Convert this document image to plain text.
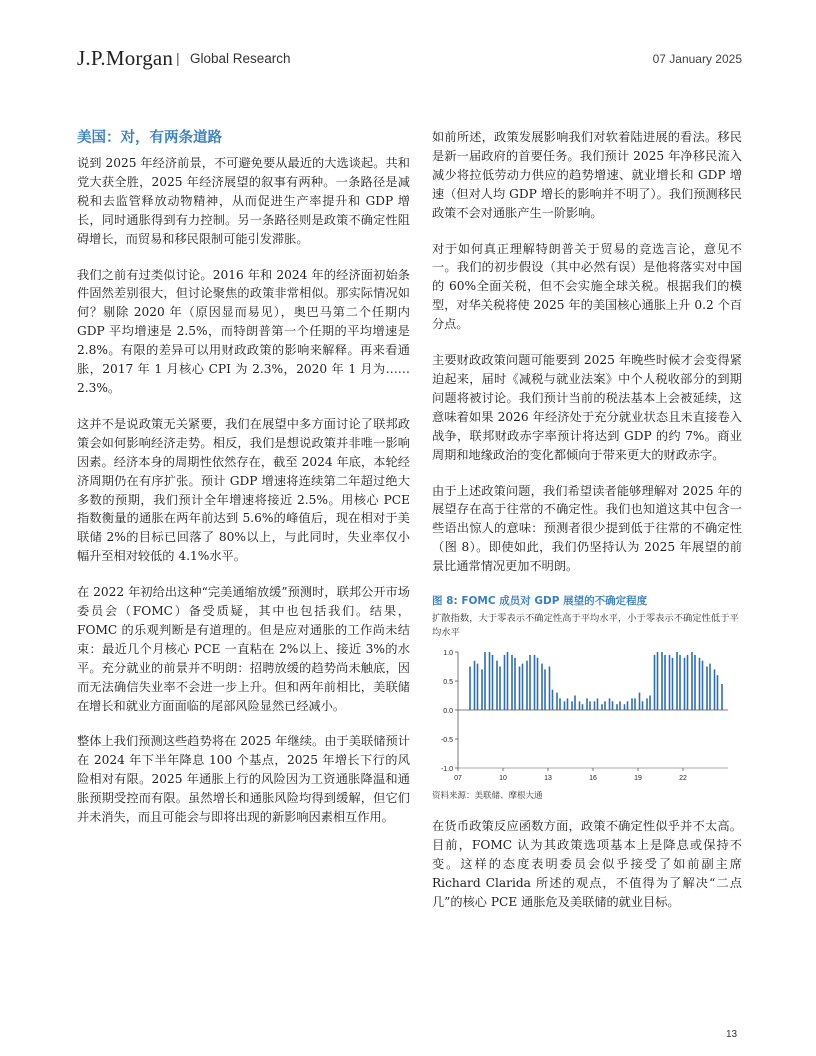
J.P.Morgan | Global Research	07 January 2025
美国：对，有两条道路

说到 2025 年经济前景，不可避免要从最近的大选谈起。共和党大获全胜，2025 年经济展望的叙事有两种。一条路径是减税和去监管释放动物精神，从而促进生产率提升和 GDP 增长，同时通胀得到有力控制。另一条路径则是政策不确定性阻碍增长，而贸易和移民限制可能引发滞胀。

我们之前有过类似讨论。2016 年和 2024 年的经济面初始条件固然差别很大，但讨论聚焦的政策非常相似。那实际情况如何？剔除 2020 年（原因显而易见），奥巴马第二个任期内 GDP 平均增速是 2.5%，而特朗普第一个任期的平均增速是 2.8%。有限的差异可以用财政政策的影响来解释。再来看通胀，2017 年 1 月核心 CPI 为 2.3%，2020 年 1 月为……2.3%。

这并不是说政策无关紧要，我们在展望中多方面讨论了联邦政策会如何影响经济走势。相反，我们是想说政策并非唯一影响因素。经济本身的周期性依然存在，截至 2024 年底，本轮经济周期仍在有序扩张。预计 GDP 增速将连续第二年超过绝大多数的预期，我们预计全年增速将接近 2.5%。用核心 PCE 指数衡量的通胀在两年前达到 5.6%的峰值后，现在相对于美联储 2%的目标已回落了 80%以上，与此同时，失业率仅小幅升至相对较低的 4.1%水平。

在 2022 年初给出这种“完美通缩放缓”预测时，联邦公开市场委员会（FOMC）备受质疑，其中也包括我们。结果，FOMC 的乐观判断是有道理的。但是应对通胀的工作尚未结束：最近几个月核心 PCE 一直粘在 2%以上、接近 3%的水平。充分就业的前景并不明朗：招聘放缓的趋势尚未触底，因而无法确信失业率不会进一步上升。但和两年前相比，美联储在增长和就业方面面临的尾部风险显然已经减小。

整体上我们预测这些趋势将在 2025 年继续。由于美联储预计在 2024 年下半年降息 100 个基点，2025 年增长下行的风险相对有限。2025 年通胀上行的风险因为工资通胀降温和通胀预期受控而有限。虽然增长和通胀风险均得到缓解，但它们并未消失，而且可能会与即将出现的新影响因素相互作用。

如前所述，政策发展影响我们对软着陆进展的看法。移民是新一届政府的首要任务。我们预计 2025 年净移民流入减少将拉低劳动力供应的趋势增速、就业增长和 GDP 增速（但对人均 GDP 增长的影响并不明了）。我们预测移民政策不会对通胀产生一阶影响。

对于如何真正理解特朗普关于贸易的竞选言论，意见不一。我们的初步假设（其中必然有误）是他将落实对中国的 60%全面关税，但不会实施全球关税。根据我们的模型，对华关税将使 2025 年的美国核心通胀上升 0.2 个百分点。

主要财政政策问题可能要到 2025 年晚些时候才会变得紧迫起来，届时《减税与就业法案》中个人税收部分的到期问题将被讨论。我们预计当前的税法基本上会被延续，这意味着如果 2026 年经济处于充分就业状态且未直接卷入战争，联邦财政赤字率预计将达到 GDP 的约 7%。商业周期和地缘政治的变化都倾向于带来更大的财政赤字。

由于上述政策问题，我们希望读者能够理解对 2025 年的展望存在高于往常的不确定性。我们也知道这其中包含一些语出惊人的意味：预测者很少提到低于往常的不确定性（图 8）。即使如此，我们仍坚持认为 2025 年展望的前景比通常情况更加不明朗。

图 8: FOMC 成员对 GDP 展望的不确定程度
扩散指数，大于零表示不确定性高于平均水平，小于零表示不确定性低于平均水平
1.0
0.5
0.0
-0.5
-1.0
07	10	13	16	19	22
资料来源：美联储、摩根大通

在货币政策反应函数方面，政策不确定性似乎并不太高。目前，FOMC 认为其政策选项基本上是降息或保持不变。这样的态度表明委员会似乎接受了如前副主席 Richard Clarida 所述的观点，不值得为了解决“二点几”的核心 PCE 通胀危及美联储的就业目标。

13
